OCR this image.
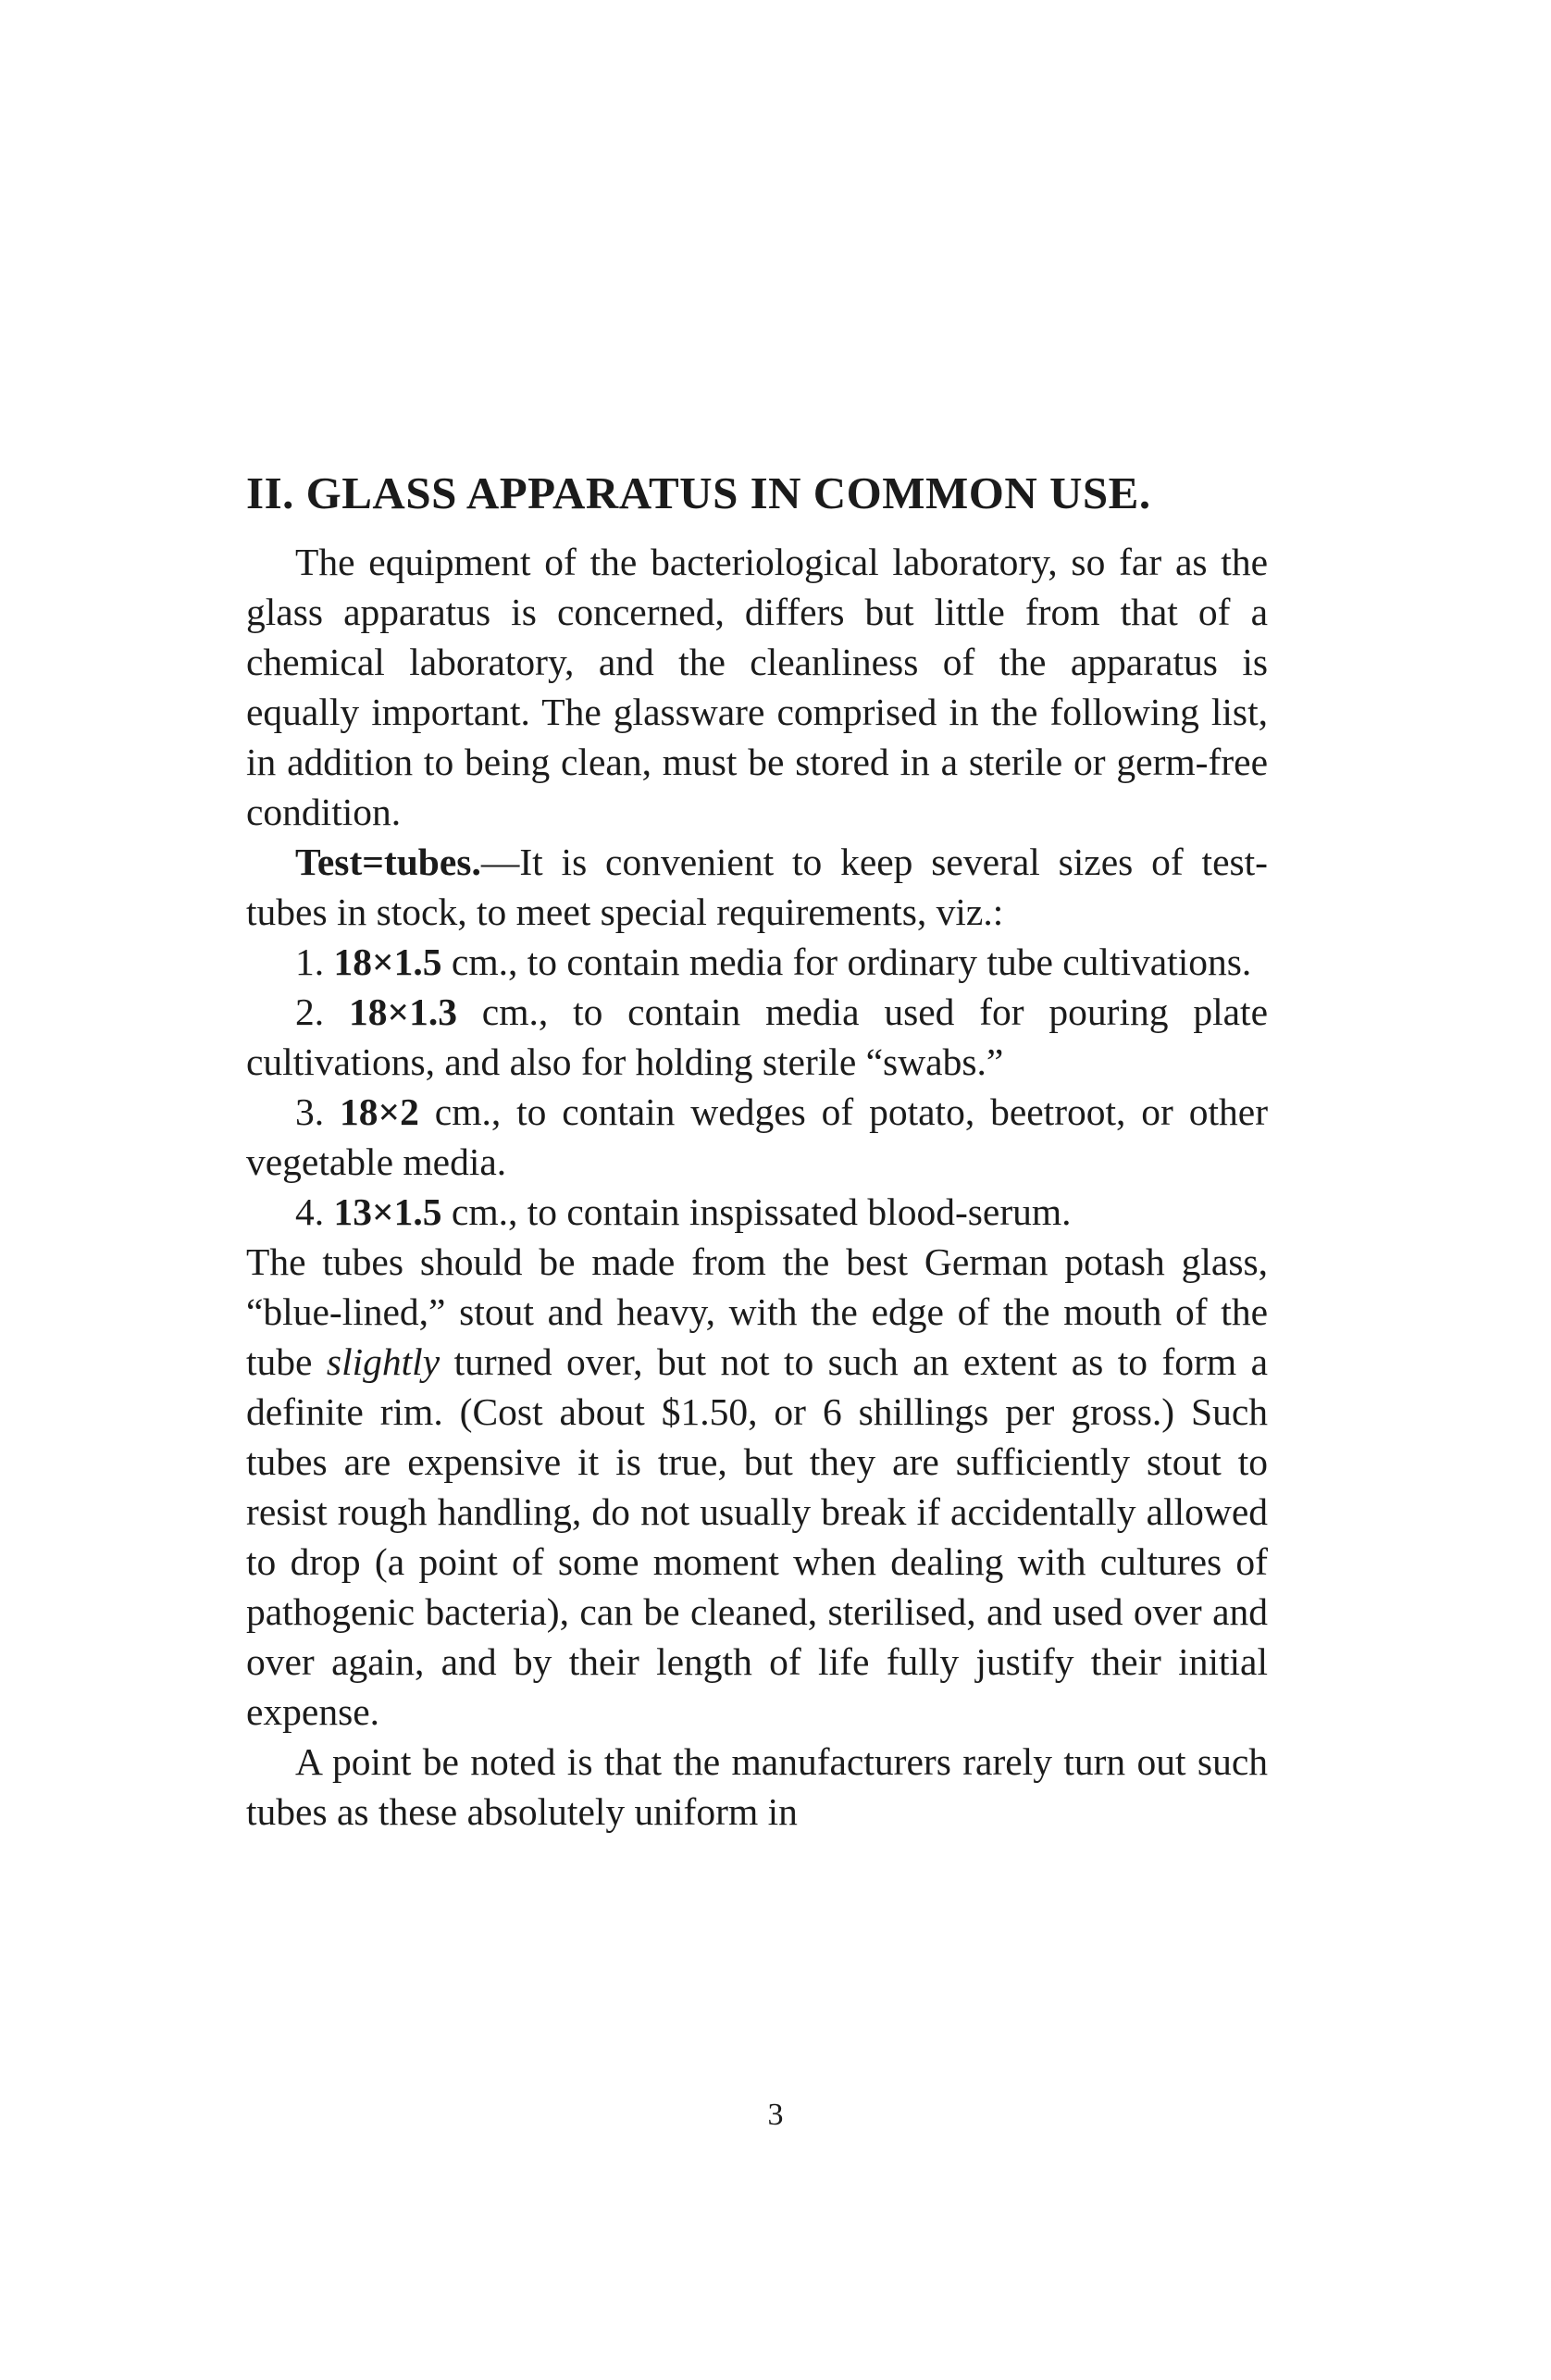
II. GLASS APPARATUS IN COMMON USE.

The equipment of the bacteriological laboratory, so far as the glass apparatus is concerned, differs but little from that of a chemical laboratory, and the cleanliness of the apparatus is equally important. The glassware comprised in the following list, in addition to being clean, must be stored in a sterile or germ-free condition.

Test=tubes.—It is convenient to keep several sizes of test-tubes in stock, to meet special requirements, viz.:

1. 18×1.5 cm., to contain media for ordinary tube cultivations.

2. 18×1.3 cm., to contain media used for pouring plate cultivations, and also for holding sterile “swabs.”

3. 18×2 cm., to contain wedges of potato, beetroot, or other vegetable media.

4. 13×1.5 cm., to contain inspissated blood-serum.

The tubes should be made from the best German potash glass, “blue-lined,” stout and heavy, with the edge of the mouth of the tube slightly turned over, but not to such an extent as to form a definite rim. (Cost about $1.50, or 6 shillings per gross.) Such tubes are expensive it is true, but they are sufficiently stout to resist rough handling, do not usually break if accidentally allowed to drop (a point of some moment when dealing with cultures of pathogenic bacteria), can be cleaned, sterilised, and used over and over again, and by their length of life fully justify their initial expense.

A point be noted is that the manufacturers rarely turn out such tubes as these absolutely uniform in

3
